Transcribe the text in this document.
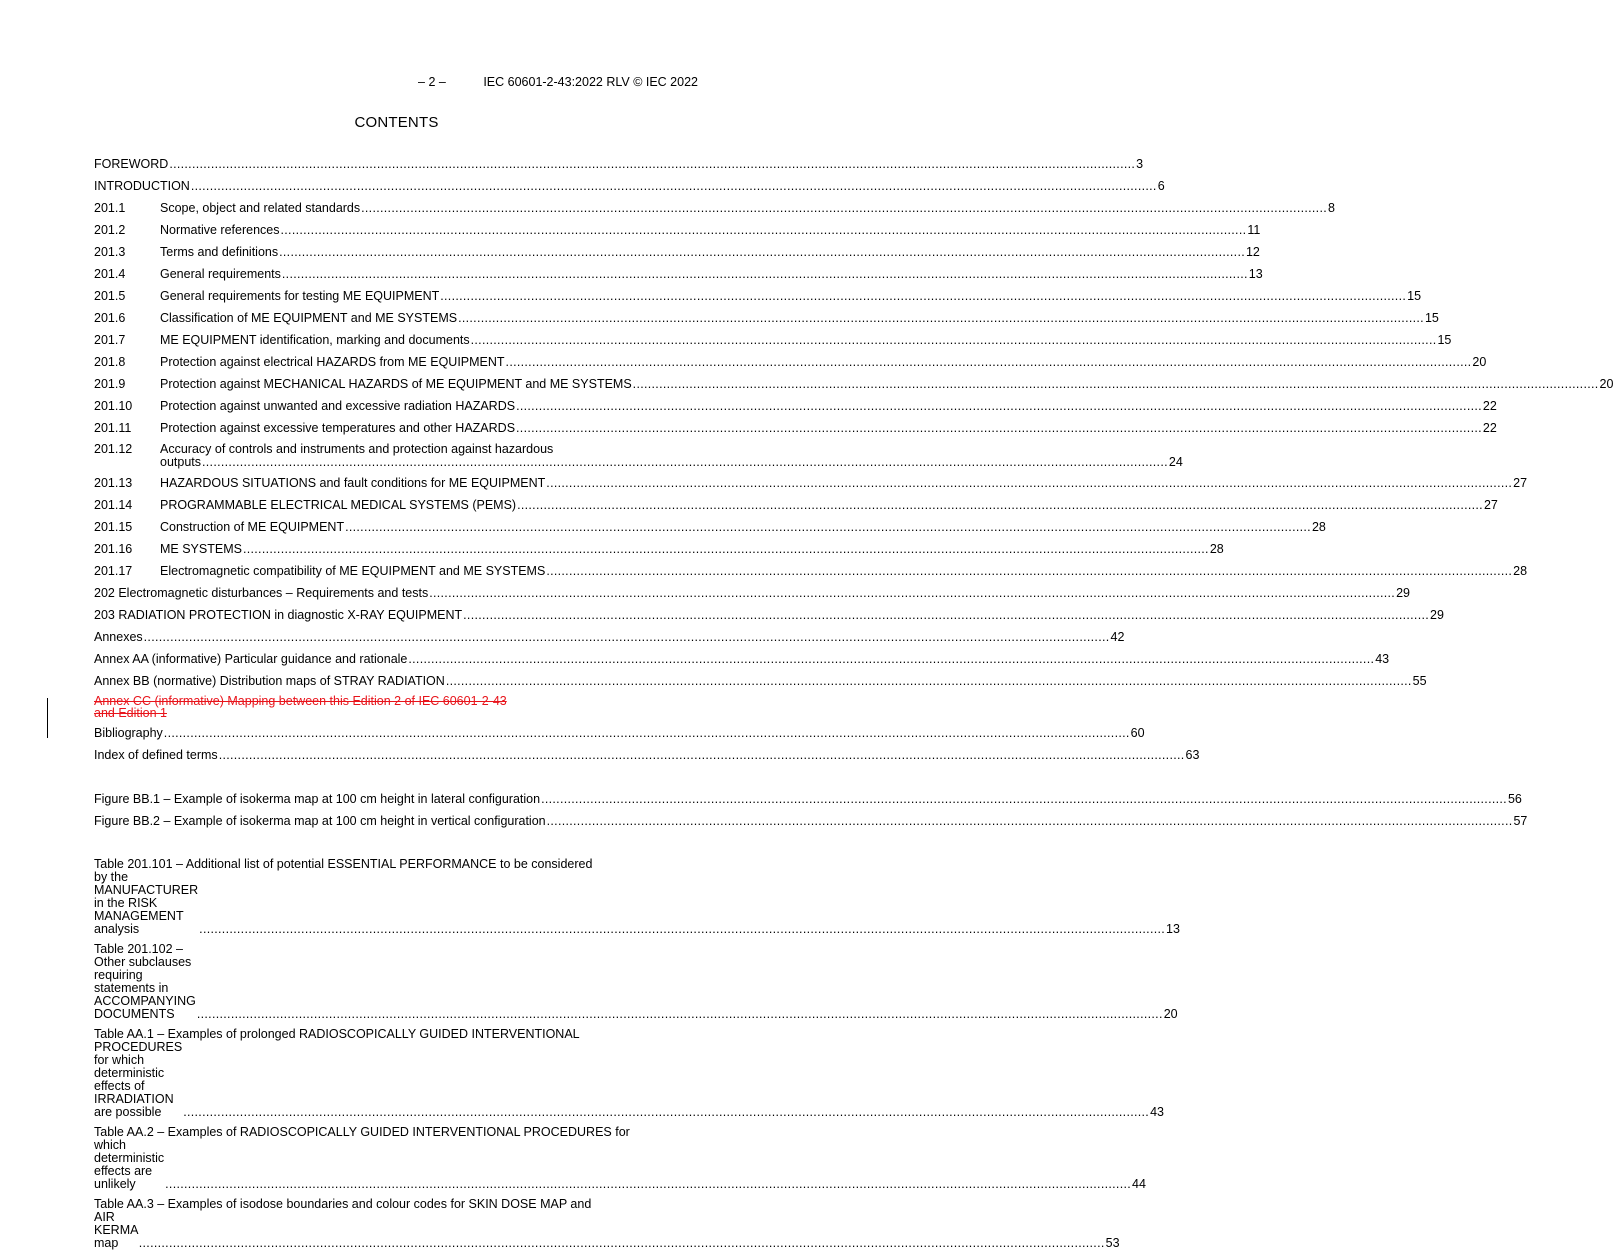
– 2 –	IEC 60601-2-43:2022 RLV © IEC 2022
CONTENTS
FOREWORD .....	3
INTRODUCTION .....	6
201.1	Scope, object and related standards .....	8
201.2	Normative references .....	11
201.3	Terms and definitions .....	12
201.4	General requirements .....	13
201.5	General requirements for testing ME EQUIPMENT .....	15
201.6	Classification of ME EQUIPMENT and ME SYSTEMS .....	15
201.7	ME EQUIPMENT identification, marking and documents .....	15
201.8	Protection against electrical HAZARDS from ME EQUIPMENT .....	20
201.9	Protection against MECHANICAL HAZARDS of ME EQUIPMENT and ME SYSTEMS .....	20
201.10	Protection against unwanted and excessive radiation HAZARDS .....	22
201.11	Protection against excessive temperatures and other HAZARDS .....	22
201.12	Accuracy of controls and instruments and protection against hazardous
outputs .....	24
201.13	HAZARDOUS SITUATIONS and fault conditions for ME EQUIPMENT .....	27
201.14	PROGRAMMABLE ELECTRICAL MEDICAL SYSTEMS (PEMS) .....	27
201.15	Construction of ME EQUIPMENT .....	28
201.16	ME SYSTEMS .....	28
201.17	Electromagnetic compatibility of ME EQUIPMENT and ME SYSTEMS .....	28
202 Electromagnetic disturbances – Requirements and tests .....	29
203 RADIATION PROTECTION in diagnostic X-RAY EQUIPMENT .....	29
Annexes .....	42
Annex AA (informative) Particular guidance and rationale .....	43
Annex BB (normative) Distribution maps of STRAY RADIATION .....	55
Annex CC (informative) Mapping between this Edition 2 of IEC 60601-2-43
and Edition 1
Bibliography .....	60
Index of defined terms .....	63
Figure BB.1 – Example of isokerma map at 100 cm height in lateral configuration .....	56
Figure BB.2 – Example of isokerma map at 100 cm height in vertical configuration .....	57
Table 201.101 – Additional list of potential ESSENTIAL PERFORMANCE to be considered
by the MANUFACTURER in the RISK MANAGEMENT analysis .....	13
Table 201.102 – Other subclauses requiring statements in ACCOMPANYING DOCUMENTS .....	20
Table AA.1 – Examples of prolonged RADIOSCOPICALLY GUIDED INTERVENTIONAL
PROCEDURES for which deterministic effects of IRRADIATION are possible .....	43
Table AA.2 – Examples of RADIOSCOPICALLY GUIDED INTERVENTIONAL PROCEDURES for
which deterministic effects are unlikely .....	44
Table AA.3 – Examples of isodose boundaries and colour codes for SKIN DOSE MAP and
AIR KERMA map .....	53
